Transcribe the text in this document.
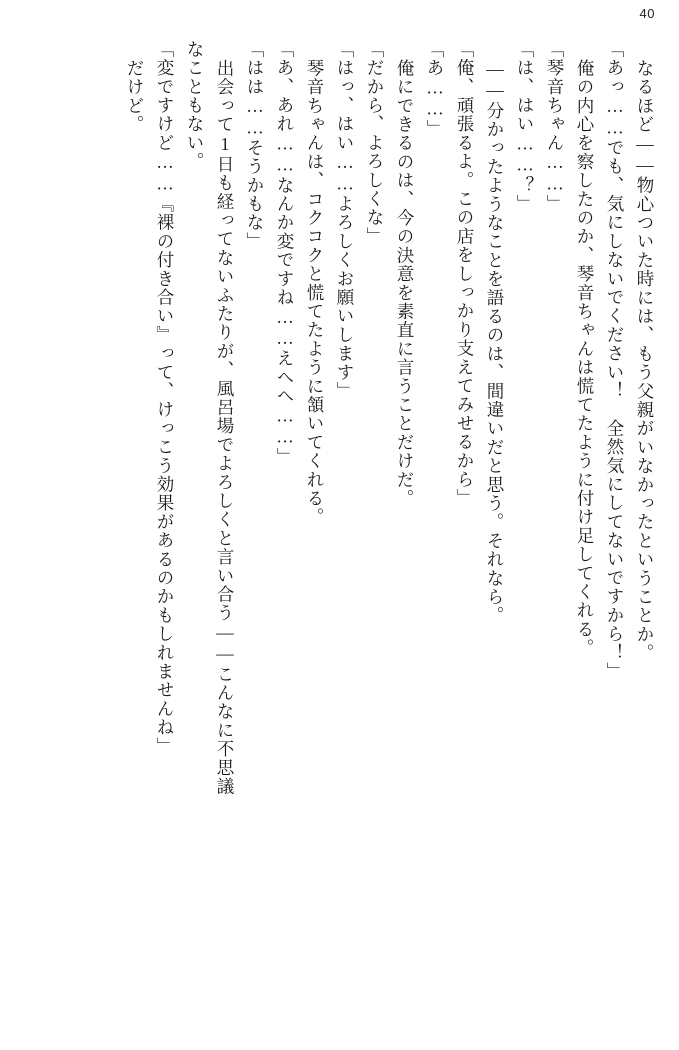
40
なるほど——物心ついた時には、もう父親がいなかったということか。
「あっ……でも、気にしないでください！　全然気にしてないですから！」
俺の内心を察したのか、琴音ちゃんは慌てたように付け足してくれる。
「琴音ちゃん……」
「は、はい……？」
——分かったようなことを語るのは、間違いだと思う。それなら。
「俺、頑張るよ。この店をしっかり支えてみせるから」
「あ……」
俺にできるのは、今の決意を素直に言うことだけだ。
「だから、よろしくな」
「はっ、はい……よろしくお願いします」
琴音ちゃんは、コクコクと慌てたように頷いてくれる。
「あ、あれ……なんか変ですね……えへへ……」
「はは……そうかもな」
出会って1日も経ってないふたりが、風呂場でよろしくと言い合う——こんなに不思議
なこともない。
「変ですけど……『裸の付き合い』って、けっこう効果があるのかもしれませんね」
だけど。
